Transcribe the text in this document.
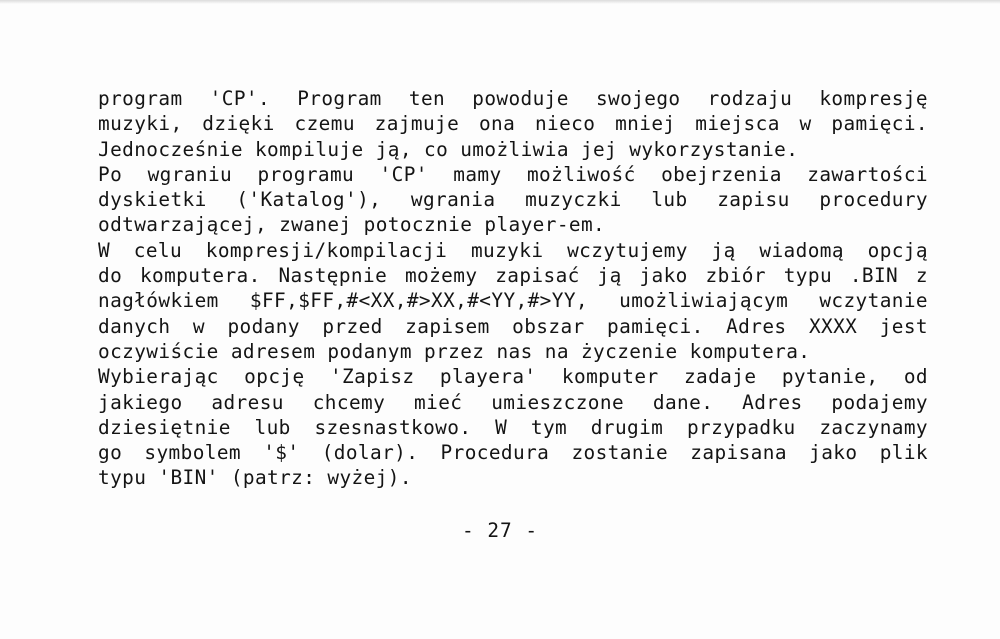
program 'CP'. Program ten powoduje swojego rodzaju kompresję
muzyki, dzięki czemu zajmuje ona nieco mniej miejsca w pamięci.
Jednocześnie kompiluje ją, co umożliwia jej wykorzystanie.
Po wgraniu programu 'CP' mamy możliwość obejrzenia zawartości
dyskietki ('Katalog'), wgrania muzyczki lub zapisu procedury
odtwarzającej, zwanej potocznie player-em.
W celu kompresji/kompilacji muzyki wczytujemy ją wiadomą opcją
do komputera. Następnie możemy zapisać ją jako zbiór typu .BIN z
nagłówkiem $FF,$FF,#<XX,#>XX,#<YY,#>YY, umożliwiającym wczytanie
danych w podany przed zapisem obszar pamięci. Adres XXXX jest
oczywiście adresem podanym przez nas na życzenie komputera.
Wybierając opcję 'Zapisz playera' komputer zadaje pytanie, od
jakiego adresu chcemy mieć umieszczone dane. Adres podajemy
dziesiętnie lub szesnastkowo. W tym drugim przypadku zaczynamy
go symbolem '$' (dolar). Procedura zostanie zapisana jako plik
typu 'BIN' (patrz: wyżej).
- 27 -
